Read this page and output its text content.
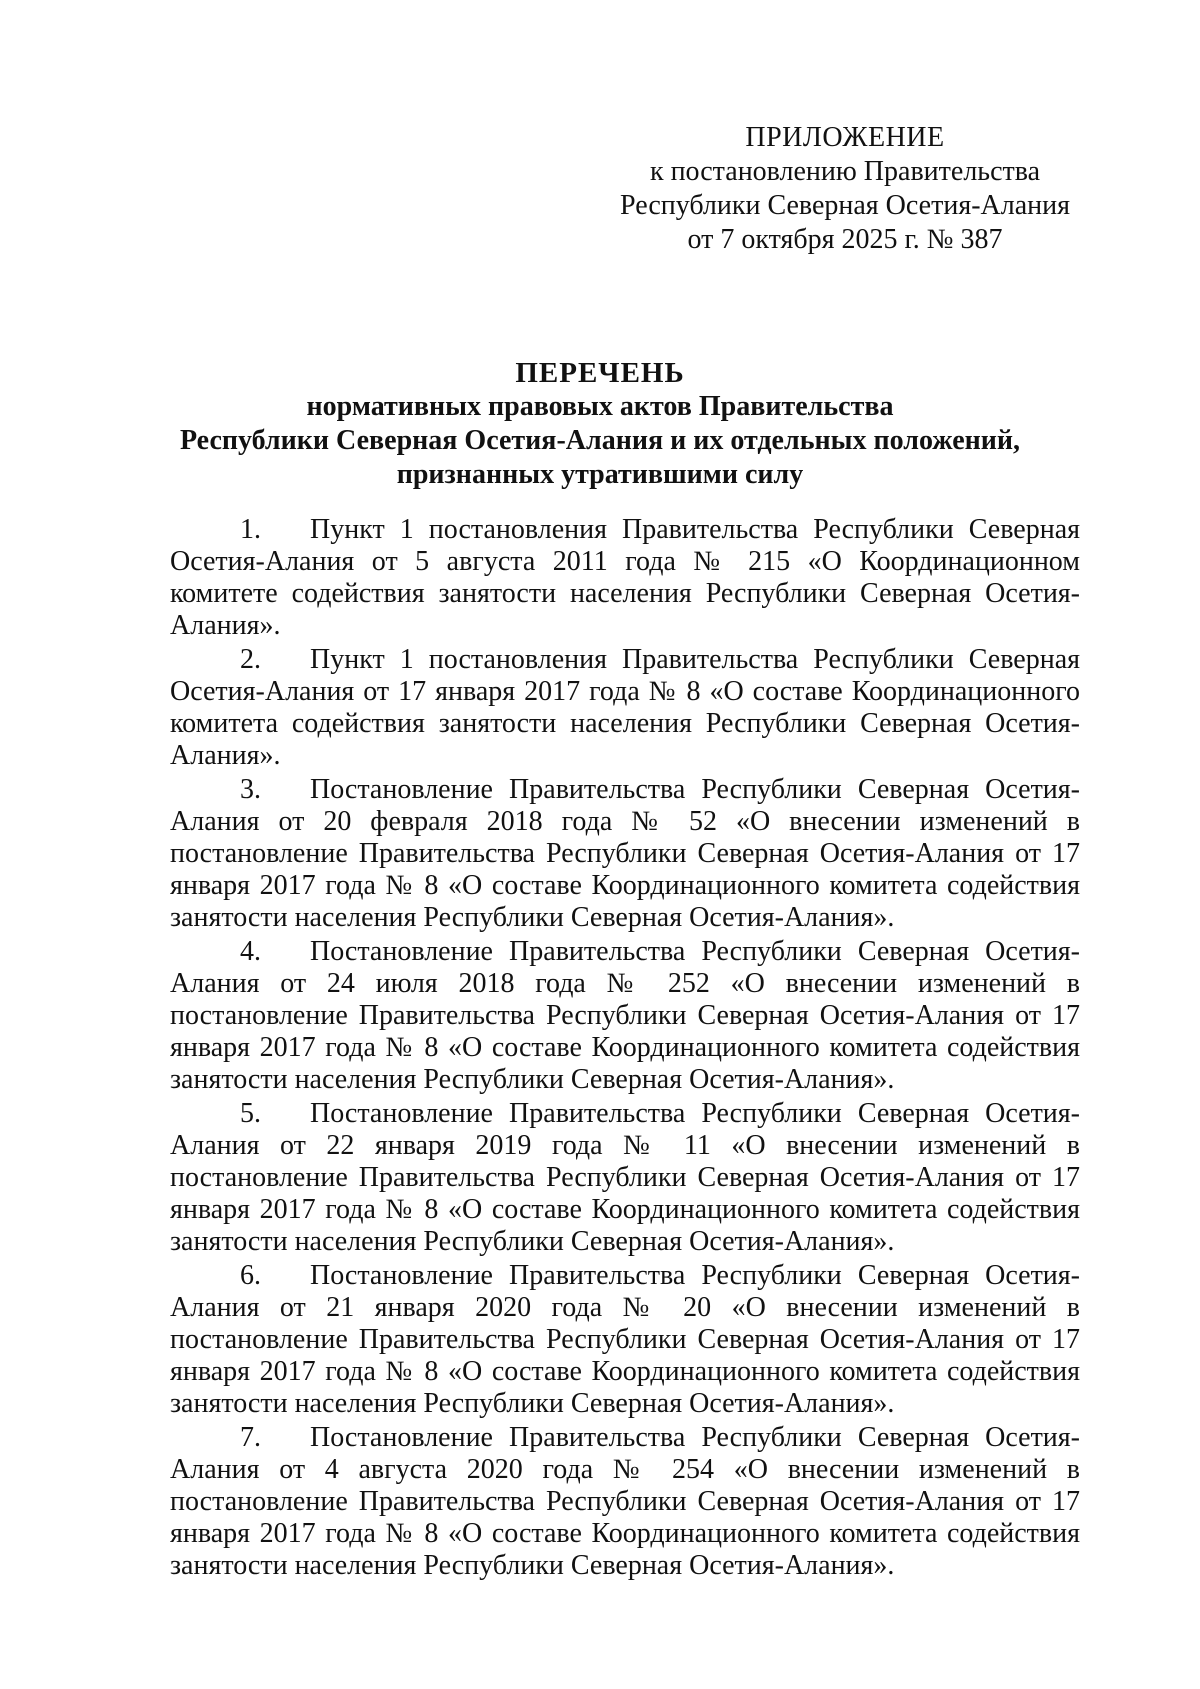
ПРИЛОЖЕНИЕ
к постановлению Правительства
Республики Северная Осетия-Алания
от 7 октября 2025 г. № 387
ПЕРЕЧЕНЬ
нормативных правовых актов Правительства
Республики Северная Осетия-Алания и их отдельных положений,
признанных утратившими силу

1. Пункт 1 постановления Правительства Республики Северная Осетия-Алания от 5 августа 2011 года № 215 «О Координационном комитете содействия занятости населения Республики Северная Осетия-Алания».

2. Пункт 1 постановления Правительства Республики Северная Осетия-Алания от 17 января 2017 года № 8 «О составе Координационного комитета содействия занятости населения Республики Северная Осетия-Алания».

3. Постановление Правительства Республики Северная Осетия-Алания от 20 февраля 2018 года № 52 «О внесении изменений в постановление Правительства Республики Северная Осетия-Алания от 17 января 2017 года № 8 «О составе Координационного комитета содействия занятости населения Республики Северная Осетия-Алания».

4. Постановление Правительства Республики Северная Осетия-Алания от 24 июля 2018 года № 252 «О внесении изменений в постановление Правительства Республики Северная Осетия-Алания от 17 января 2017 года № 8 «О составе Координационного комитета содействия занятости населения Республики Северная Осетия-Алания».

5. Постановление Правительства Республики Северная Осетия-Алания от 22 января 2019 года № 11 «О внесении изменений в постановление Правительства Республики Северная Осетия-Алания от 17 января 2017 года № 8 «О составе Координационного комитета содействия занятости населения Республики Северная Осетия-Алания».

6. Постановление Правительства Республики Северная Осетия-Алания от 21 января 2020 года № 20 «О внесении изменений в постановление Правительства Республики Северная Осетия-Алания от 17 января 2017 года № 8 «О составе Координационного комитета содействия занятости населения Республики Северная Осетия-Алания».

7. Постановление Правительства Республики Северная Осетия-Алания от 4 августа 2020 года № 254 «О внесении изменений в постановление Правительства Республики Северная Осетия-Алания от 17 января 2017 года № 8 «О составе Координационного комитета содействия занятости населения Республики Северная Осетия-Алания».
